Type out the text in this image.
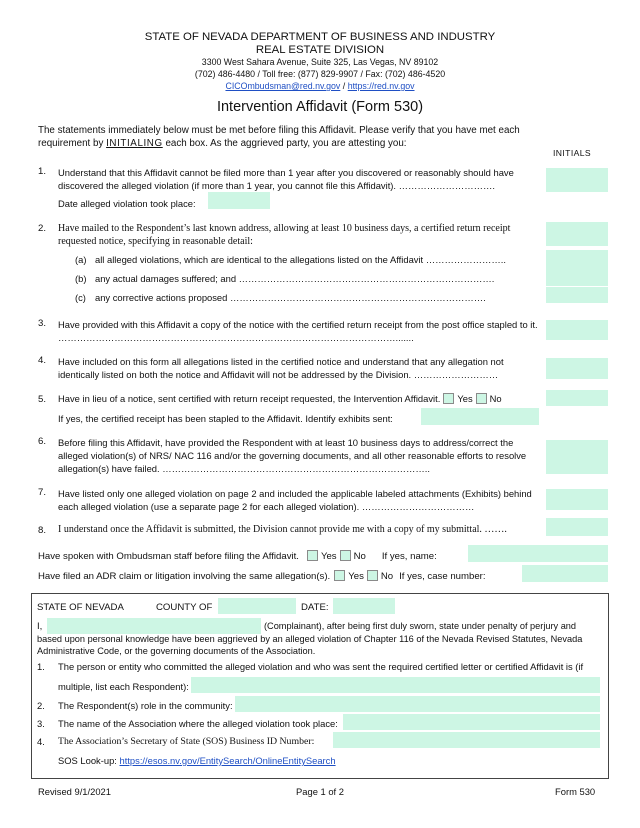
STATE OF NEVADA DEPARTMENT OF BUSINESS AND INDUSTRY
REAL ESTATE DIVISION
3300 West Sahara Avenue, Suite 325, Las Vegas, NV 89102
(702) 486-4480 / Toll free: (877) 829-9907 / Fax: (702) 486-4520
CICOmbudsman@red.nv.gov / https://red.nv.gov
Intervention Affidavit (Form 530)
The statements immediately below must be met before filing this Affidavit. Please verify that you have met each requirement by INITIALING each box. As the aggrieved party, you are attesting you:
INITIALS
1. Understand that this Affidavit cannot be filed more than 1 year after you discovered or reasonably should have discovered the alleged violation (if more than 1 year, you cannot file this Affidavit). ………………………….
Date alleged violation took place:
2. Have mailed to the Respondent’s last known address, allowing at least 10 business days, a certified return receipt requested notice, specifying in reasonable detail:
(a) all alleged violations, which are identical to the allegations listed on the Affidavit ……………………..
(b) any actual damages suffered; and ……………………………………………………………………….
(c) any corrective actions proposed ……………………………………………………………………….
3. Have provided with this Affidavit a copy of the notice with the certified return receipt from the post office stapled to it. ……………………………………………………………………………………………….......
4. Have included on this form all allegations listed in the certified notice and understand that any allegation not identically listed on both the notice and Affidavit will not be addressed by the Division. ………………………
5. Have in lieu of a notice, sent certified with return receipt requested, the Intervention Affidavit. Yes No
If yes, the certified receipt has been stapled to the Affidavit. Identify exhibits sent:
6. Before filing this Affidavit, have provided the Respondent with at least 10 business days to address/correct the alleged violation(s) of NRS/ NAC 116 and/or the governing documents, and all other reasonable efforts to resolve allegation(s) have failed. …………………………………………………………………………..
7. Have listed only one alleged violation on page 2 and included the applicable labeled attachments (Exhibits) behind each alleged violation (use a separate page 2 for each alleged violation). ………………………………
8. I understand once the Affidavit is submitted, the Division cannot provide me with a copy of my submittal. …….
Have spoken with Ombudsman staff before filing the Affidavit. Yes No If yes, name:
Have filed an ADR claim or litigation involving the same allegation(s). Yes No If yes, case number:
STATE OF NEVADA	COUNTY OF	DATE:
I,	(Complainant), after being first duly sworn, state under penalty of perjury and
based upon personal knowledge have been aggrieved by an alleged violation of Chapter 116 of the Nevada Revised Statutes, Nevada Administrative Code, or the governing documents of the Association.
1. The person or entity who committed the alleged violation and who was sent the required certified letter or certified Affidavit is (if
multiple, list each Respondent):
2. The Respondent(s) role in the community:
3. The name of the Association where the alleged violation took place:
4. The Association’s Secretary of State (SOS) Business ID Number:
SOS Look-up: https://esos.nv.gov/EntitySearch/OnlineEntitySearch
Revised 9/1/2021	Page 1 of 2	Form 530
